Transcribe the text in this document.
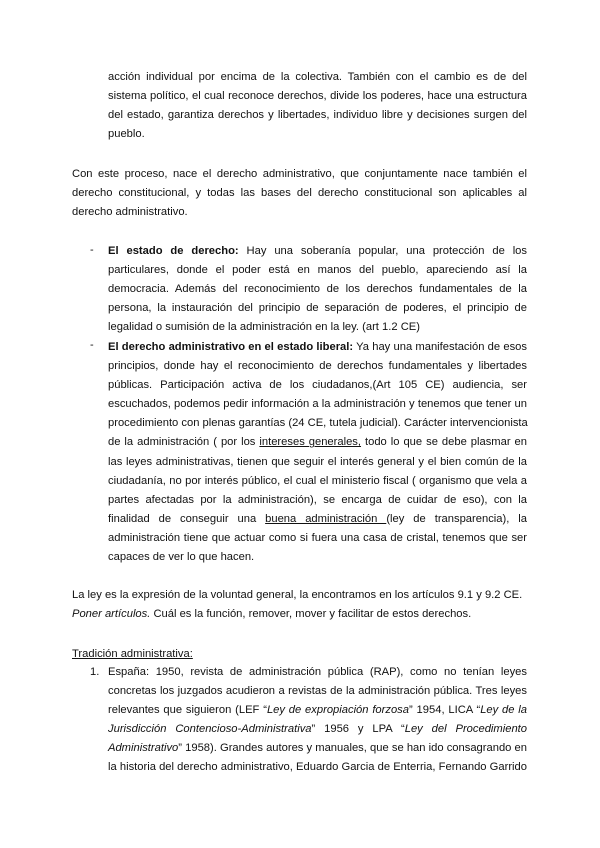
acción individual por encima de la colectiva. También con el cambio es de del
sistema político, el cual reconoce derechos, divide los poderes, hace una estructura
del estado, garantiza derechos y libertades, individuo libre y decisiones surgen del
pueblo.
Con este proceso, nace el derecho administrativo, que conjuntamente nace también el
derecho constitucional, y todas las bases del derecho constitucional son aplicables al
derecho administrativo.
- El estado de derecho: Hay una soberanía popular, una protección de los
particulares, donde el poder está en manos del pueblo, apareciendo así la
democracia. Además del reconocimiento de los derechos fundamentales de la
persona, la instauración del principio de separación de poderes, el principio de
legalidad o sumisión de la administración en la ley. (art 1.2 CE)
- El derecho administrativo en el estado liberal: Ya hay una manifestación de esos
principios, donde hay el reconocimiento de derechos fundamentales y libertades
públicas. Participación activa de los ciudadanos,(Art 105 CE) audiencia, ser
escuchados, podemos pedir información a la administración y tenemos que tener un
procedimiento con plenas garantías (24 CE, tutela judicial). Carácter intervencionista
de la administración ( por los intereses generales, todo lo que se debe plasmar en
las leyes administrativas, tienen que seguir el interés general y el bien común de la
ciudadanía, no por interés público, el cual el ministerio fiscal ( organismo que vela a
partes afectadas por la administración), se encarga de cuidar de eso), con la
finalidad de conseguir una buena administración (ley de transparencia), la
administración tiene que actuar como si fuera una casa de cristal, tenemos que ser
capaces de ver lo que hacen.
La ley es la expresión de la voluntad general, la encontramos en los artículos 9.1 y 9.2 CE.
Poner artículos. Cuál es la función, remover, mover y facilitar de estos derechos.
Tradición administrativa:
1. España: 1950, revista de administración pública (RAP), como no tenían leyes
concretas los juzgados acudieron a revistas de la administración pública. Tres leyes
relevantes que siguieron (LEF “Ley de expropiación forzosa” 1954, LICA “Ley de la
Jurisdicción Contencioso-Administrativa” 1956 y LPA “Ley del Procedimiento
Administrativo” 1958). Grandes autores y manuales, que se han ido consagrando en
la historia del derecho administrativo, Eduardo Garcia de Enterria, Fernando Garrido
